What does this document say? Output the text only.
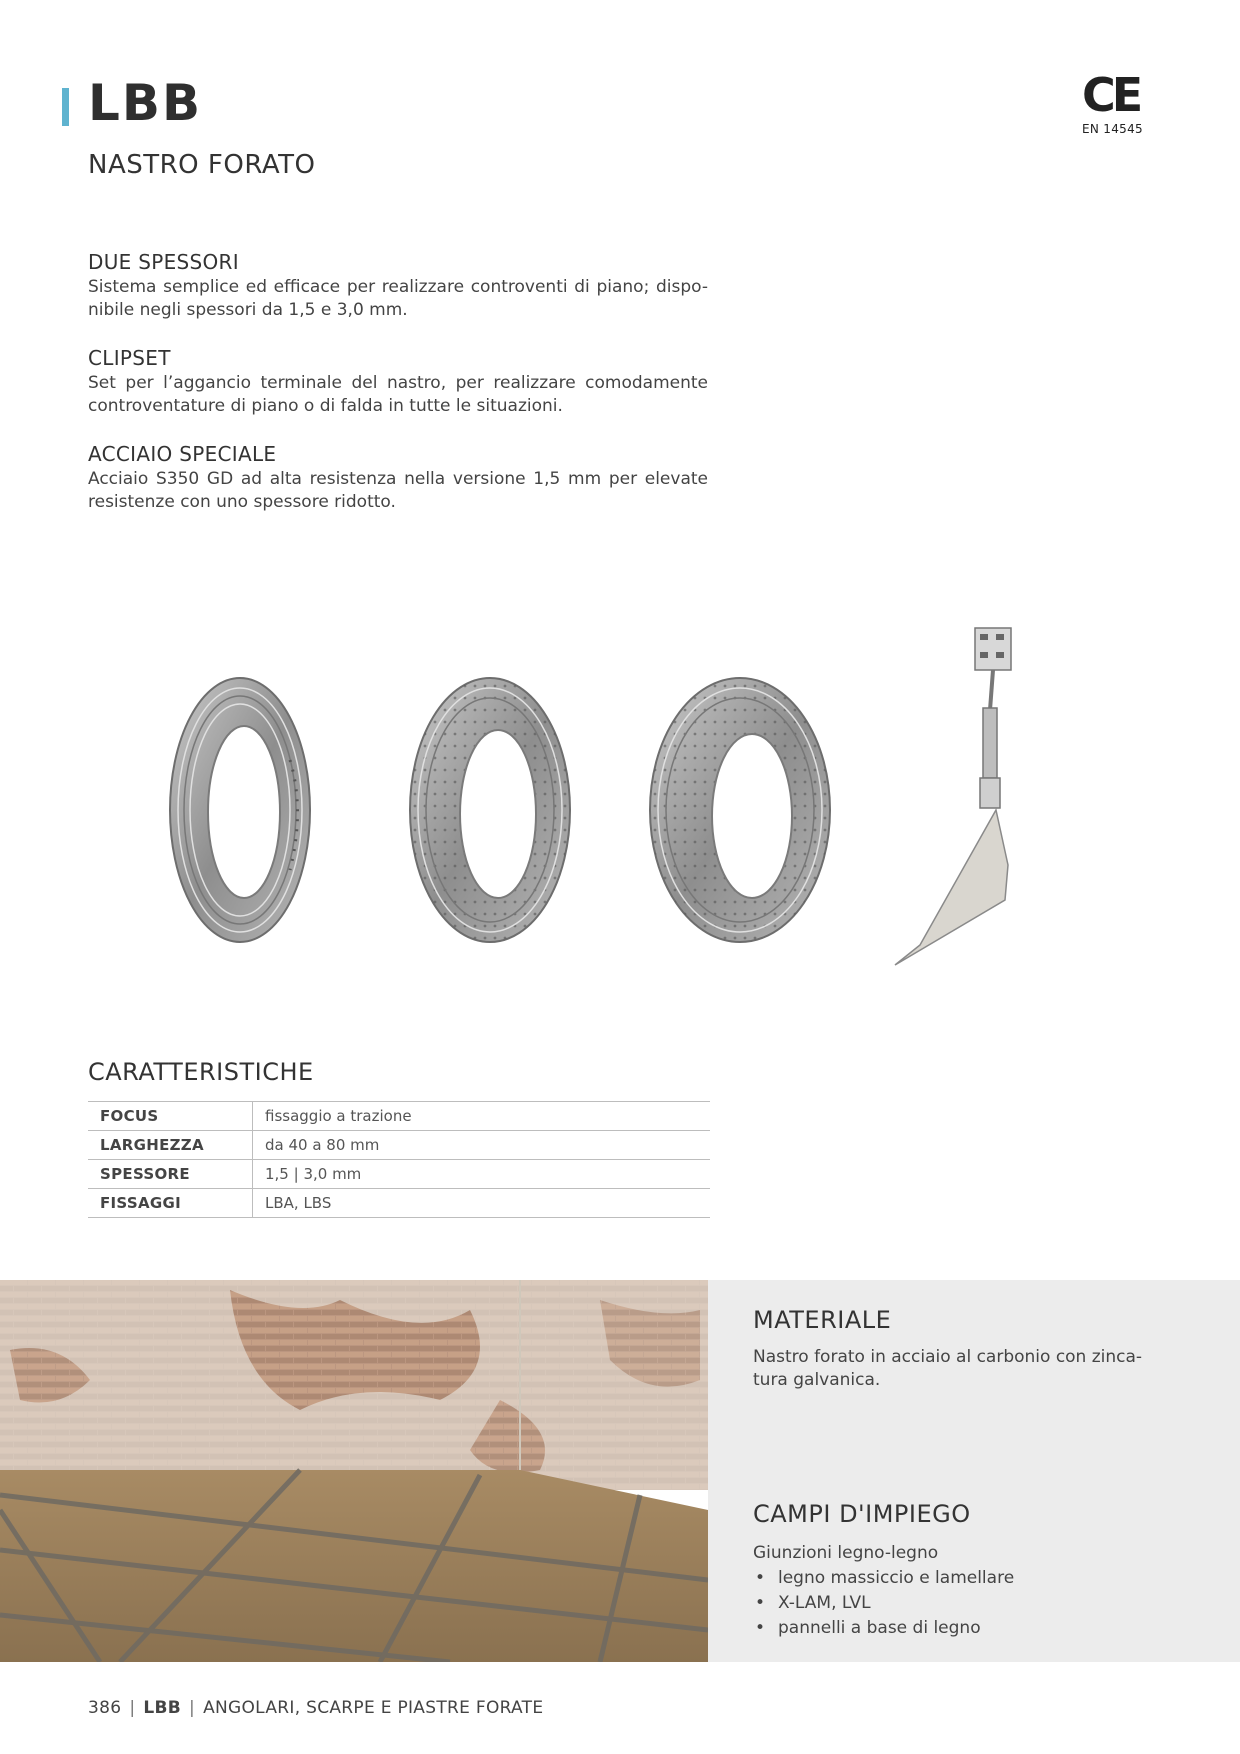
LBB
NASTRO FORATO
CE
EN 14545
DUE SPESSORI

Sistema semplice ed efficace per realizzare controventi di piano; dispo-nibile negli spessori da 1,5 e 3,0 mm.

CLIPSET

Set per l’aggancio terminale del nastro, per realizzare comodamente controventature di piano o di falda in tutte le situazioni.

ACCIAIO SPECIALE

Acciaio S350 GD ad alta resistenza nella versione 1,5 mm per elevate resistenze con uno spessore ridotto.

CARATTERISTICHE
FOCUS	fissaggio a trazione
LARGHEZZA	da 40 a 80 mm
SPESSORE	1,5 | 3,0 mm
FISSAGGI	LBA, LBS
MATERIALE

Nastro forato in acciaio al carbonio con zinca-tura galvanica.

CAMPI D'IMPIEGO

Giunzioni legno-legno

• legno massiccio e lamellare
• X-LAM, LVL
• pannelli a base di legno
386 | LBB | ANGOLARI, SCARPE E PIASTRE FORATE
